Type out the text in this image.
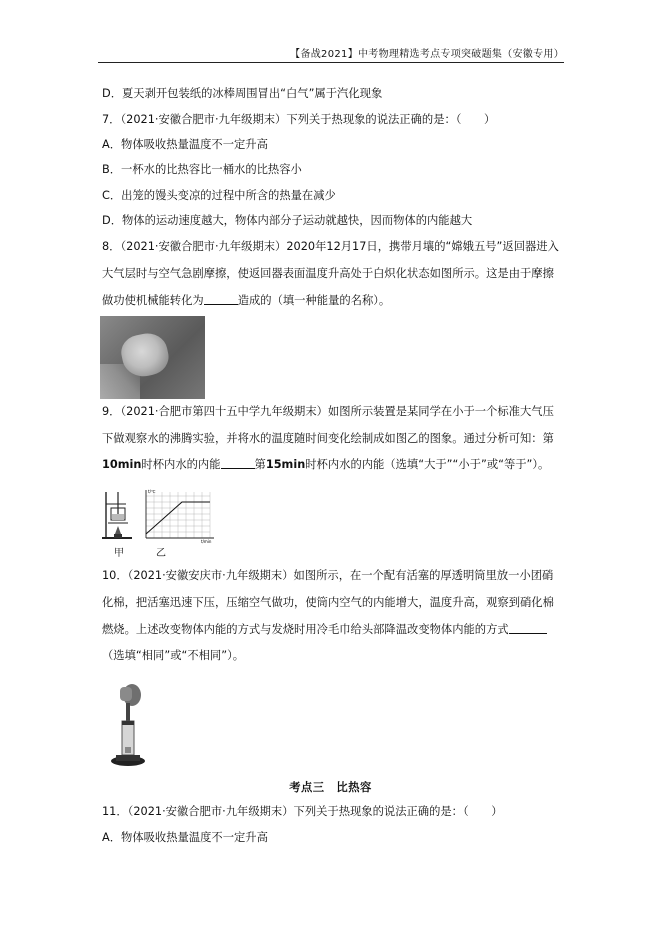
【备战2021】中考物理精选考点专项突破题集（安徽专用）
D．夏天剥开包装纸的冰棒周围冒出“白气”属于汽化现象
7．（2021·安徽合肥市·九年级期末）下列关于热现象的说法正确的是：（　　）
A．物体吸收热量温度不一定升高
B．一杯水的比热容比一桶水的比热容小
C．出笼的馒头变凉的过程中所含的热量在减少
D．物体的运动速度越大，物体内部分子运动就越快，因而物体的内能越大
8．（2021·安徽合肥市·九年级期末）2020年12月17日，携带月壤的“嫦娥五号”返回器进入
大气层时与空气急剧摩擦，使返回器表面温度升高处于白炽化状态如图所示。这是由于摩擦
做功使机械能转化为	造成的（填一种能量的名称）。
9．（2021·合肥市第四十五中学九年级期末）如图所示装置是某同学在小于一个标准大气压
下做观察水的沸腾实验，并将水的温度随时间变化绘制成如图乙的图象。通过分析可知：第
10min时杯内水的内能	第15min时杯内水的内能（选填“大于”“小于”或“等于”）。
t/℃
t/min
甲	乙
10．（2021·安徽安庆市·九年级期末）如图所示，在一个配有活塞的厚透明筒里放一小团硝
化棉，把活塞迅速下压，压缩空气做功，使筒内空气的内能增大，温度升高，观察到硝化棉
燃烧。上述改变物体内能的方式与发烧时用冷毛巾给头部降温改变物体内能的方式
（选填“相同”或“不相同”）。
考点三　比热容
11．（2021·安徽合肥市·九年级期末）下列关于热现象的说法正确的是：（　　）
A．物体吸收热量温度不一定升高
